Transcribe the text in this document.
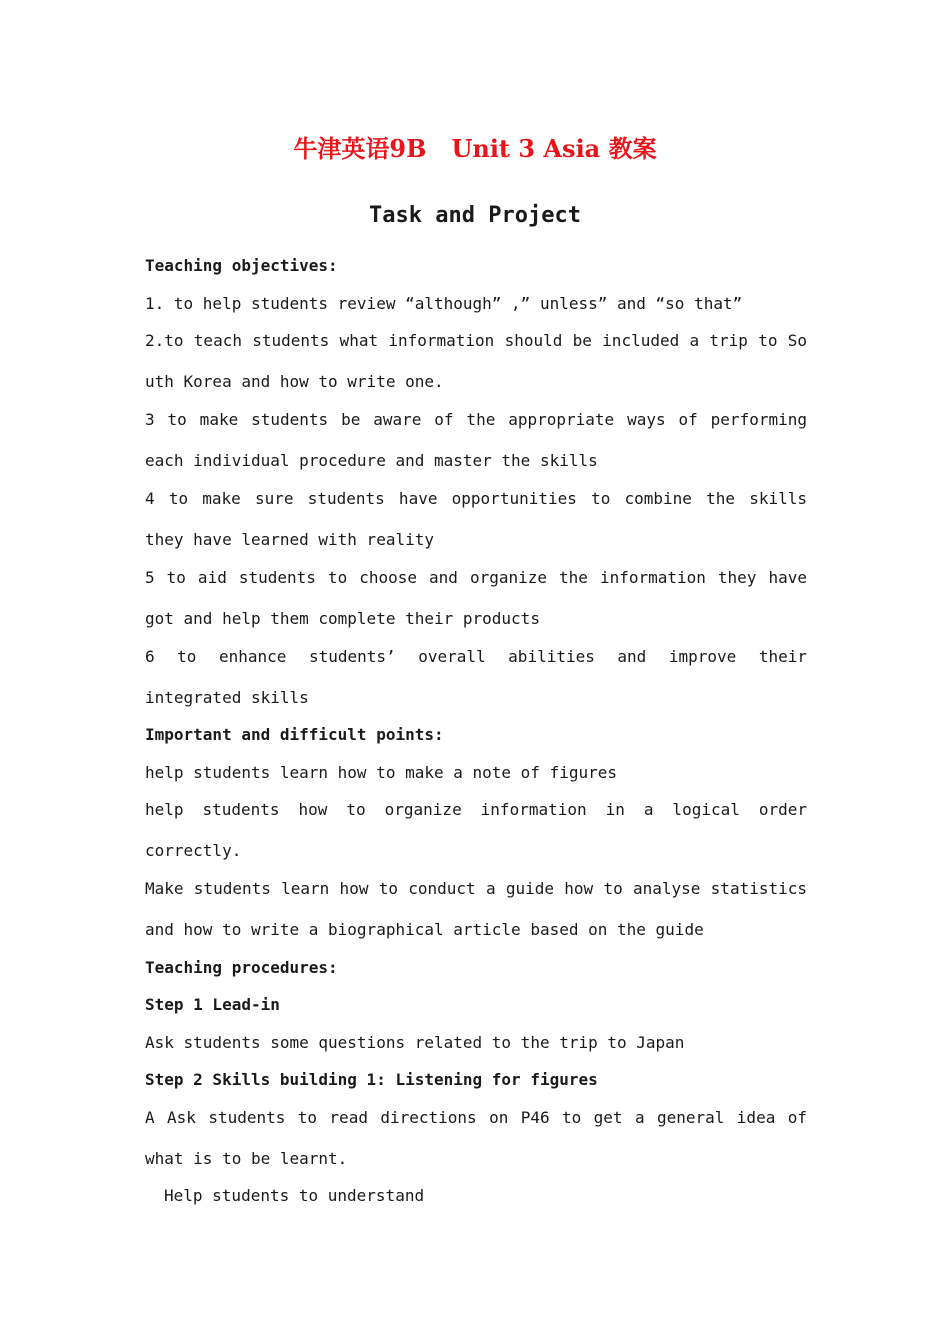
牛津英语9B   Unit 3 Asia 教案
Task and Project
Teaching objectives:
1. to help students review “although” ,” unless” and “so that”
2.to teach students what information should be included a trip to So
uth Korea and how to write one.
3 to make students be aware of the appropriate ways of performing
each individual procedure and master the skills
4 to make sure students have opportunities to combine the skills
they have learned with reality
5 to aid students to choose and organize the information they have
got and help them complete their products
6 to enhance students’ overall abilities and improve their
integrated skills
Important and difficult points:
help students learn how to make a note of figures
help students how to organize information in a logical order
correctly.
Make students learn how to conduct a guide how to analyse statistics
and how to write a biographical article based on the guide
Teaching procedures:
Step 1 Lead-in
Ask students some questions related to the trip to Japan
Step 2 Skills building 1: Listening for figures
A Ask students to read directions on P46 to get a general idea of
what is to be learnt.
Help students to understand
